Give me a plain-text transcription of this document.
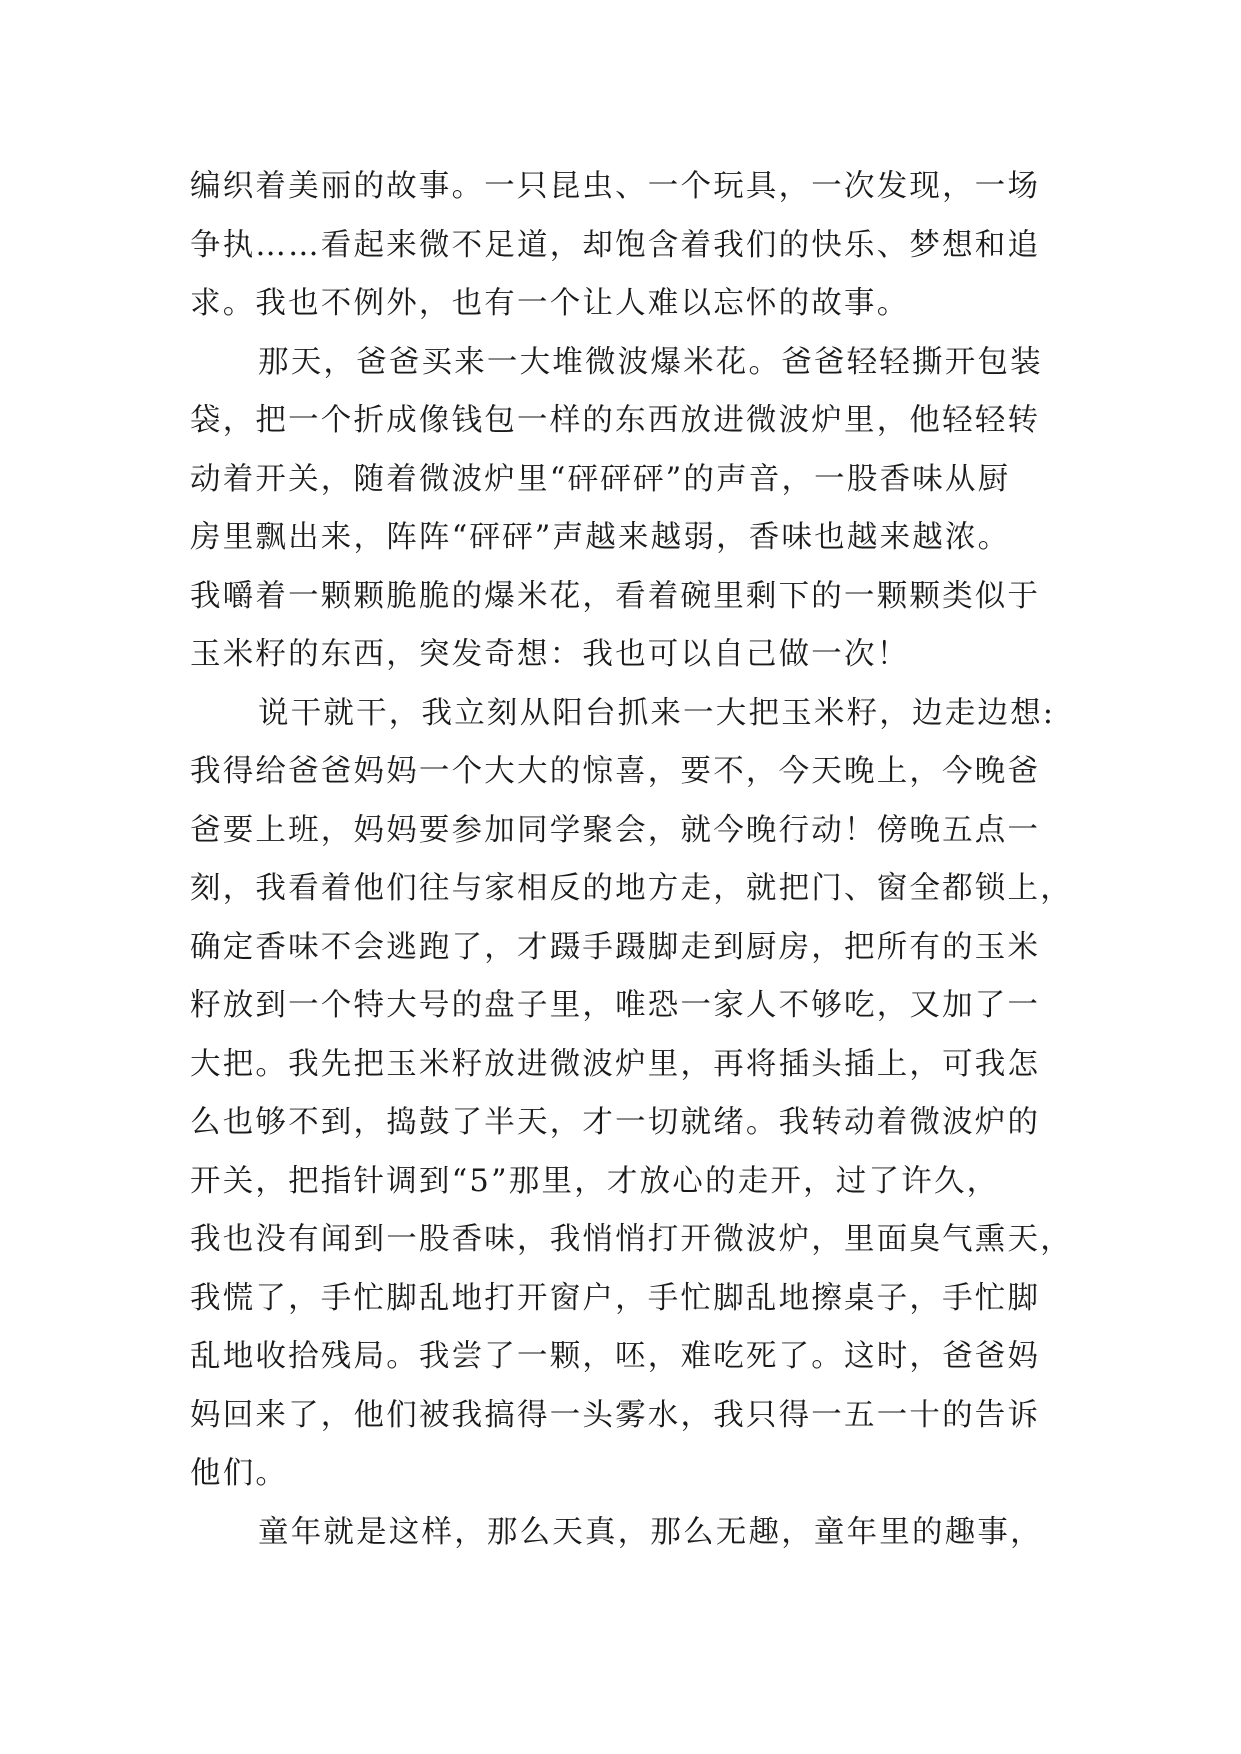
编织着美丽的故事。一只昆虫、一个玩具，一次发现，一场
争执……看起来微不足道，却饱含着我们的快乐、梦想和追
求。我也不例外，也有一个让人难以忘怀的故事。
那天，爸爸买来一大堆微波爆米花。爸爸轻轻撕开包装
袋，把一个折成像钱包一样的东西放进微波炉里，他轻轻转
动着开关，随着微波炉里“砰砰砰”的声音，一股香味从厨
房里飘出来，阵阵“砰砰”声越来越弱，香味也越来越浓。
我嚼着一颗颗脆脆的爆米花，看着碗里剩下的一颗颗类似于
玉米籽的东西，突发奇想：我也可以自己做一次！
说干就干，我立刻从阳台抓来一大把玉米籽，边走边想:
我得给爸爸妈妈一个大大的惊喜，要不，今天晚上，今晚爸
爸要上班，妈妈要参加同学聚会，就今晚行动！傍晚五点一
刻，我看着他们往与家相反的地方走，就把门、窗全都锁上，
确定香味不会逃跑了，才蹑手蹑脚走到厨房，把所有的玉米
籽放到一个特大号的盘子里，唯恐一家人不够吃，又加了一
大把。我先把玉米籽放进微波炉里，再将插头插上，可我怎
么也够不到，捣鼓了半天，才一切就绪。我转动着微波炉的
开关，把指针调到“5”那里，才放心的走开，过了许久，
我也没有闻到一股香味，我悄悄打开微波炉，里面臭气熏天，
我慌了，手忙脚乱地打开窗户，手忙脚乱地擦桌子，手忙脚
乱地收拾残局。我尝了一颗，呸，难吃死了。这时，爸爸妈
妈回来了，他们被我搞得一头雾水，我只得一五一十的告诉
他们。
童年就是这样，那么天真，那么无趣，童年里的趣事，
